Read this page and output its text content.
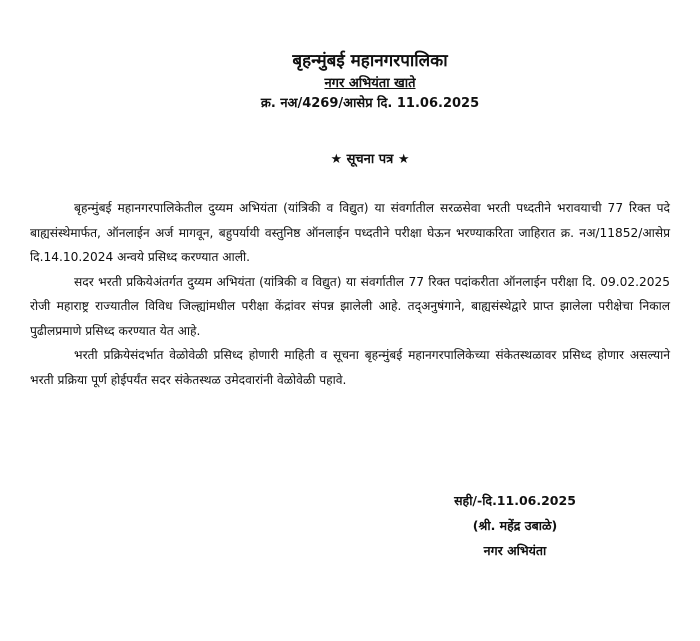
बृहन्मुंबई महानगरपालिका
नगर अभियंता खाते
क्र. नअ/4269/आसेप्र दि. 11.06.2025
★ सूचना पत्र ★

बृहन्मुंबई महानगरपालिकेतील दुय्यम अभियंता (यांत्रिकी व विद्युत) या संवर्गातील सरळसेवा भरती पध्दतीने भरावयाची 77 रिक्त पदे बाह्यसंस्थेमार्फत, ऑनलाईन अर्ज मागवून, बहुपर्यायी वस्तुनिष्ठ ऑनलाईन पध्दतीने परीक्षा घेऊन भरण्याकरिता जाहिरात क्र. नअ/11852/आसेप्र दि.14.10.2024 अन्वये प्रसिध्द करण्यात आली.

सदर भरती प्रकियेअंतर्गत दुय्यम अभियंता (यांत्रिकी व विद्युत) या संवर्गातील 77 रिक्त पदांकरीता ऑनलाईन परीक्षा दि. 09.02.2025 रोजी महाराष्ट्र राज्यातील विविध जिल्ह्यांमधील परीक्षा केंद्रांवर संपन्न झालेली आहे. तद्अनुषंगाने, बाह्यसंस्थेद्वारे प्राप्त झालेला परीक्षेचा निकाल पुढीलप्रमाणे प्रसिध्द करण्यात येत आहे.

भरती प्रक्रियेसंदर्भात वेळोवेळी प्रसिध्द होणारी माहिती व सूचना बृहन्मुंबई महानगरपालिकेच्या संकेतस्थळावर प्रसिध्द होणार असल्याने भरती प्रक्रिया पूर्ण होईपर्यंत सदर संकेतस्थळ उमेदवारांनी वेळोवेळी पहावे.

सही/-दि.11.06.2025
(श्री. महेंद्र उबाळे)
नगर अभियंता
